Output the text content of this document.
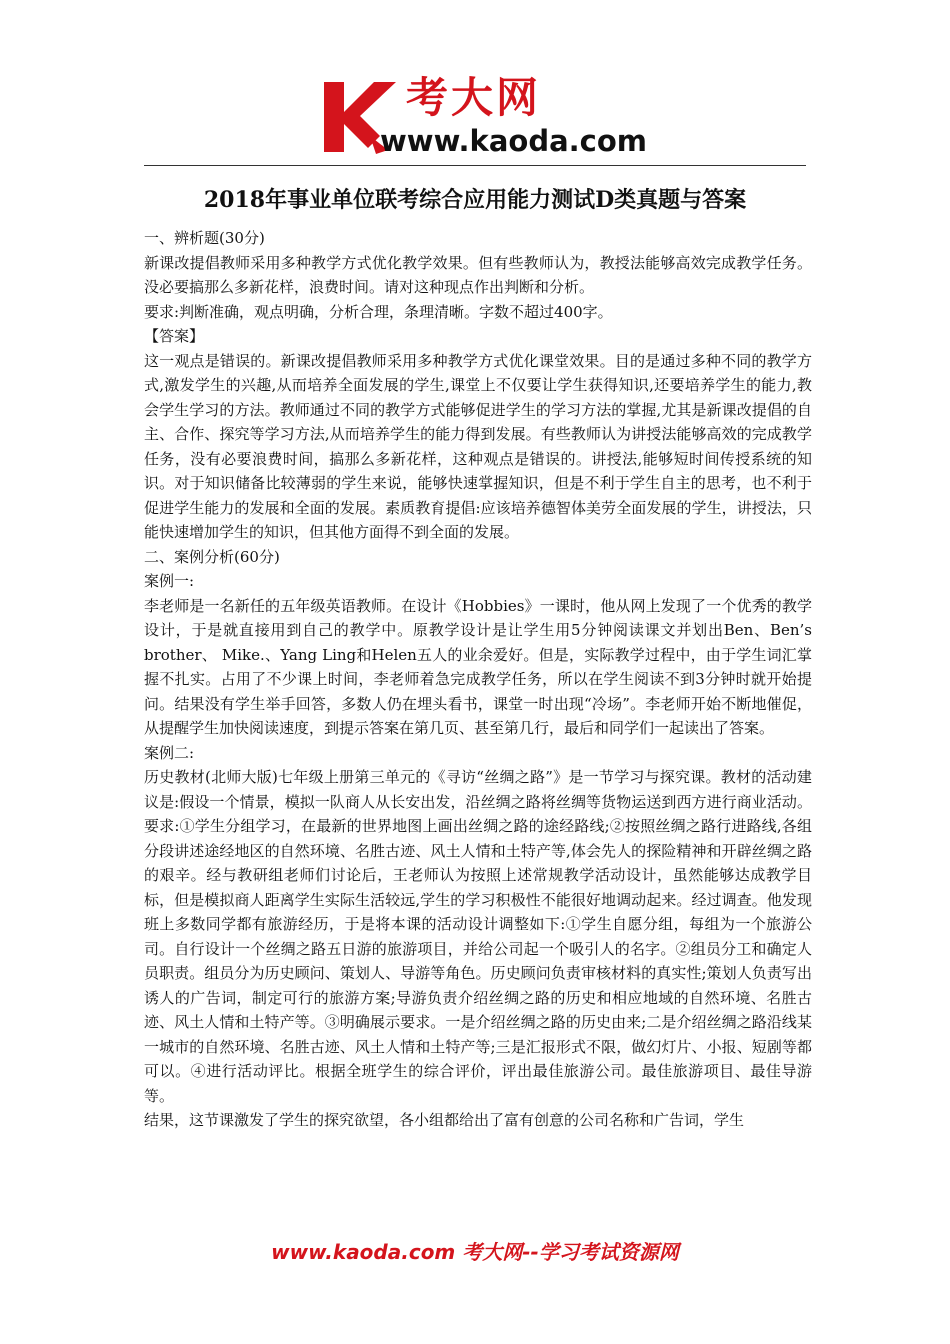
考大网
www.kaoda.com
2018年事业单位联考综合应用能力测试D类真题与答案

一、辨析题(30分)

新课改提倡教师采用多种教学方式优化教学效果。但有些教师认为，教授法能够高效完成教学任务。没必要搞那么多新花样，浪费时间。请对这种现点作出判断和分析。

要求:判断准确，观点明确，分析合理，条理清晰。字数不超过400字。

【答案】

这一观点是错误的。新课改提倡教师采用多种教学方式优化课堂效果。目的是通过多种不同的教学方式,激发学生的兴趣,从而培养全面发展的学生,课堂上不仅要让学生获得知识,还要培养学生的能力,教会学生学习的方法。教师通过不同的教学方式能够促进学生的学习方法的掌握,尤其是新课改提倡的自主、合作、探究等学习方法,从而培养学生的能力得到发展。有些教师认为讲授法能够高效的完成教学任务，没有必要浪费时间，搞那么多新花样，这种观点是错误的。讲授法,能够短时间传授系统的知识。对于知识储备比较薄弱的学生来说，能够快速掌握知识，但是不利于学生自主的思考，也不利于促进学生能力的发展和全面的发展。素质教育提倡:应该培养德智体美劳全面发展的学生，讲授法，只能快速增加学生的知识，但其他方面得不到全面的发展。

二、案例分析(60分)

案例一:

李老师是一名新任的五年级英语教师。在设计《Hobbies》一课时，他从网上发现了一个优秀的教学设计，于是就直接用到自己的教学中。原教学设计是让学生用5分钟阅读课文并划出Ben、Ben’s brother、 Mike.、Yang Ling和Helen五人的业余爱好。但是，实际教学过程中，由于学生词汇掌握不扎实。占用了不少课上时间，李老师着急完成教学任务，所以在学生阅读不到3分钟时就开始提问。结果没有学生举手回答，多数人仍在埋头看书，课堂一时出现“冷场”。李老师开始不断地催促，从提醒学生加快阅读速度，到提示答案在第几页、甚至第几行，最后和同学们一起读出了答案。

案例二:

历史教材(北师大版)七年级上册第三单元的《寻访“丝绸之路”》是一节学习与探究课。教材的活动建议是:假设一个情景，模拟一队商人从长安出发，沿丝绸之路将丝绸等货物运送到西方进行商业活动。要求:①学生分组学习，在最新的世界地图上画出丝绸之路的途经路线;②按照丝绸之路行进路线,各组分段讲述途经地区的自然环境、名胜古迹、风土人情和土特产等,体会先人的探险精神和开辟丝绸之路的艰辛。经与教研组老师们讨论后，王老师认为按照上述常规教学活动设计，虽然能够达成教学目标，但是模拟商人距离学生实际生活较远,学生的学习积极性不能很好地调动起来。经过调查。他发现班上多数同学都有旅游经历，于是将本课的活动设计调整如下:①学生自愿分组，每组为一个旅游公司。自行设计一个丝绸之路五日游的旅游项目，并给公司起一个吸引人的名字。②组员分工和确定人员职责。组员分为历史顾问、策划人、导游等角色。历史顾问负责审核材料的真实性;策划人负责写出诱人的广告词，制定可行的旅游方案;导游负责介绍丝绸之路的历史和相应地域的自然环境、名胜古迹、风土人情和土特产等。③明确展示要求。一是介绍丝绸之路的历史由来;二是介绍丝绸之路沿线某一城市的自然环境、名胜古迹、风土人情和土特产等;三是汇报形式不限，做幻灯片、小报、短剧等都可以。④进行活动评比。根据全班学生的综合评价，评出最佳旅游公司。最佳旅游项目、最佳导游等。

结果，这节课激发了学生的探究欲望，各小组都给出了富有创意的公司名称和广告词，学生

www.kaoda.com 考大网--学习考试资源网
